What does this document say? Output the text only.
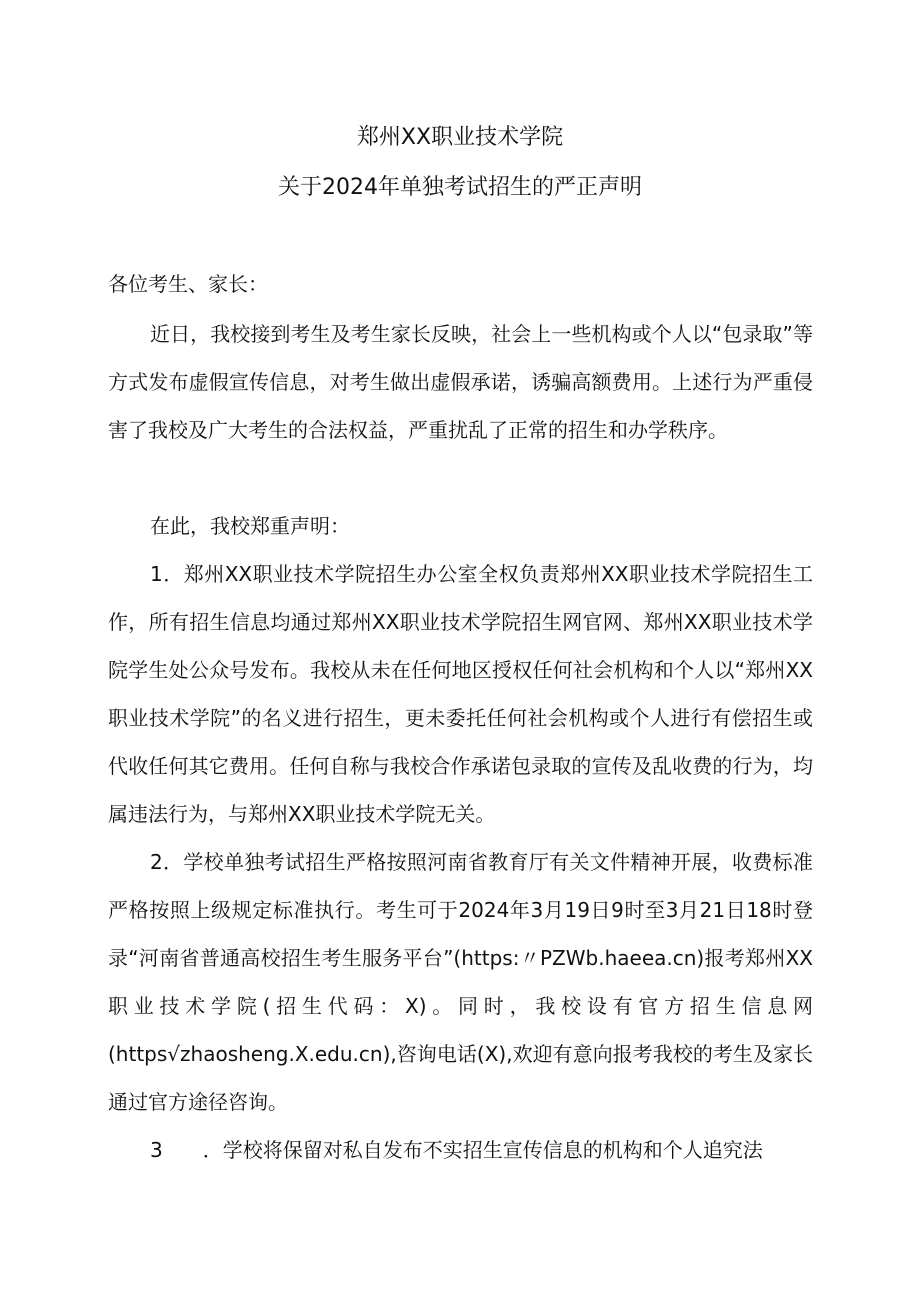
郑州XX职业技术学院
关于2024年单独考试招生的严正声明
各位考生、家长：

近日，我校接到考生及考生家长反映，社会上一些机构或个人以“包录取”等方式发布虚假宣传信息，对考生做出虚假承诺，诱骗高额费用。上述行为严重侵害了我校及广大考生的合法权益，严重扰乱了正常的招生和办学秩序。

在此，我校郑重声明：

1．郑州XX职业技术学院招生办公室全权负责郑州XX职业技术学院招生工作，所有招生信息均通过郑州XX职业技术学院招生网官网、郑州XX职业技术学院学生处公众号发布。我校从未在任何地区授权任何社会机构和个人以“郑州XX职业技术学院”的名义进行招生，更未委托任何社会机构或个人进行有偿招生或代收任何其它费用。任何自称与我校合作承诺包录取的宣传及乱收费的行为，均属违法行为，与郑州XX职业技术学院无关。

2．学校单独考试招生严格按照河南省教育厅有关文件精神开展，收费标准严格按照上级规定标准执行。考生可于2024年3月19日9时至3月21日18时登录“河南省普通高校招生考生服务平台”(https:〃PZWb.haeea.cn)报考郑州XX职业技术学院(招生代码：X)。同时，我校设有官方招生信息网(https√zhaosheng.X.edu.cn),咨询电话(X),欢迎有意向报考我校的考生及家长通过官方途径咨询。

3　　．学校将保留对私自发布不实招生宣传信息的机构和个人追究法
